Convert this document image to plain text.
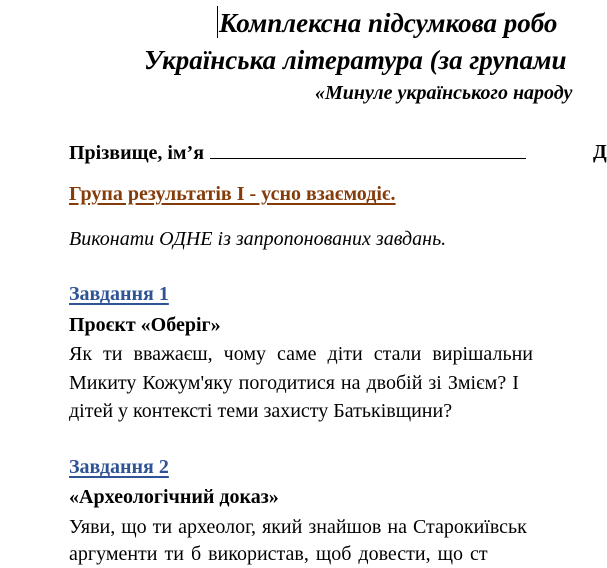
Комплексна підсумкова робо
Українська література (за групами
«Минуле українського народу
Прізвище, ім’я	Д
Група результатів І - усно взаємодіє.
Виконати ОДНЕ із запропонованих завдань.
Завдання 1
Проєкт «Оберіг»
Як ти вважаєш, чому саме діти стали вирішальни
Микиту Кожум'яку погодитися на двобій зі Змієм? І
дітей у контексті теми захисту Батьківщини?
Завдання 2
«Археологічний доказ»
Уяви, що ти археолог, який знайшов на Старокиївськ
аргументи ти б використав, щоб довести, що ст
